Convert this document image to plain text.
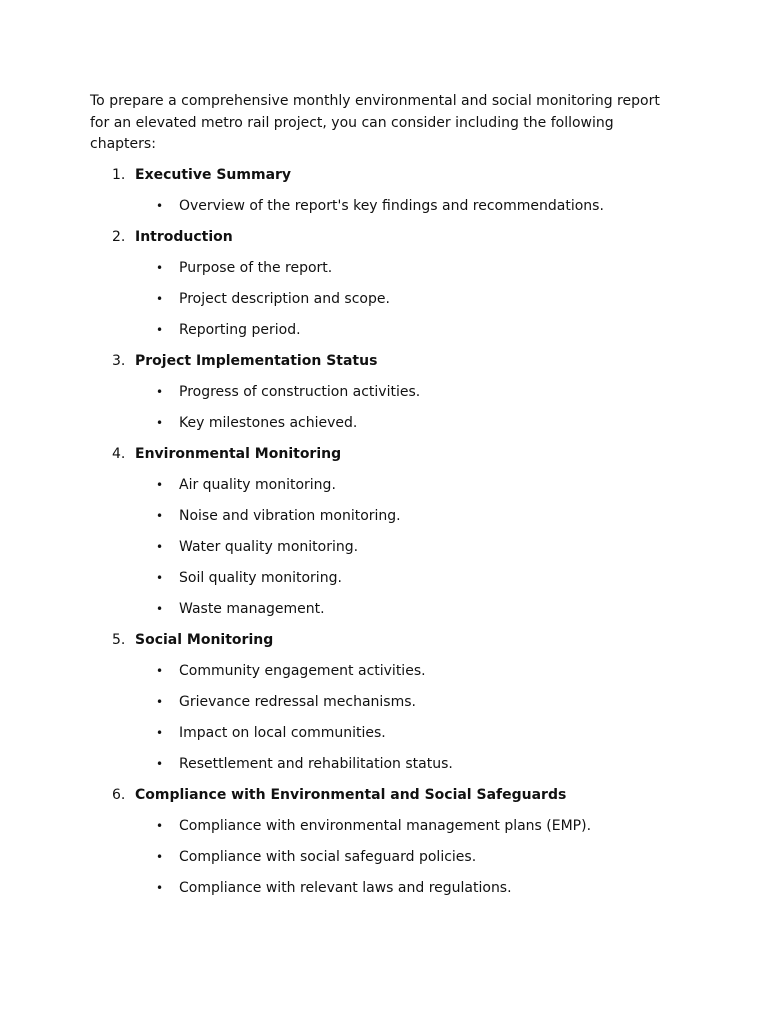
To prepare a comprehensive monthly environmental and social monitoring report for an elevated metro rail project, you can consider including the following chapters:

1. Executive Summary
•	Overview of the report's key findings and recommendations.
2. Introduction
•	Purpose of the report.
•	Project description and scope.
•	Reporting period.
3. Project Implementation Status
•	Progress of construction activities.
•	Key milestones achieved.
4. Environmental Monitoring
•	Air quality monitoring.
•	Noise and vibration monitoring.
•	Water quality monitoring.
•	Soil quality monitoring.
•	Waste management.
5. Social Monitoring
•	Community engagement activities.
•	Grievance redressal mechanisms.
•	Impact on local communities.
•	Resettlement and rehabilitation status.
6. Compliance with Environmental and Social Safeguards
•	Compliance with environmental management plans (EMP).
•	Compliance with social safeguard policies.
•	Compliance with relevant laws and regulations.
